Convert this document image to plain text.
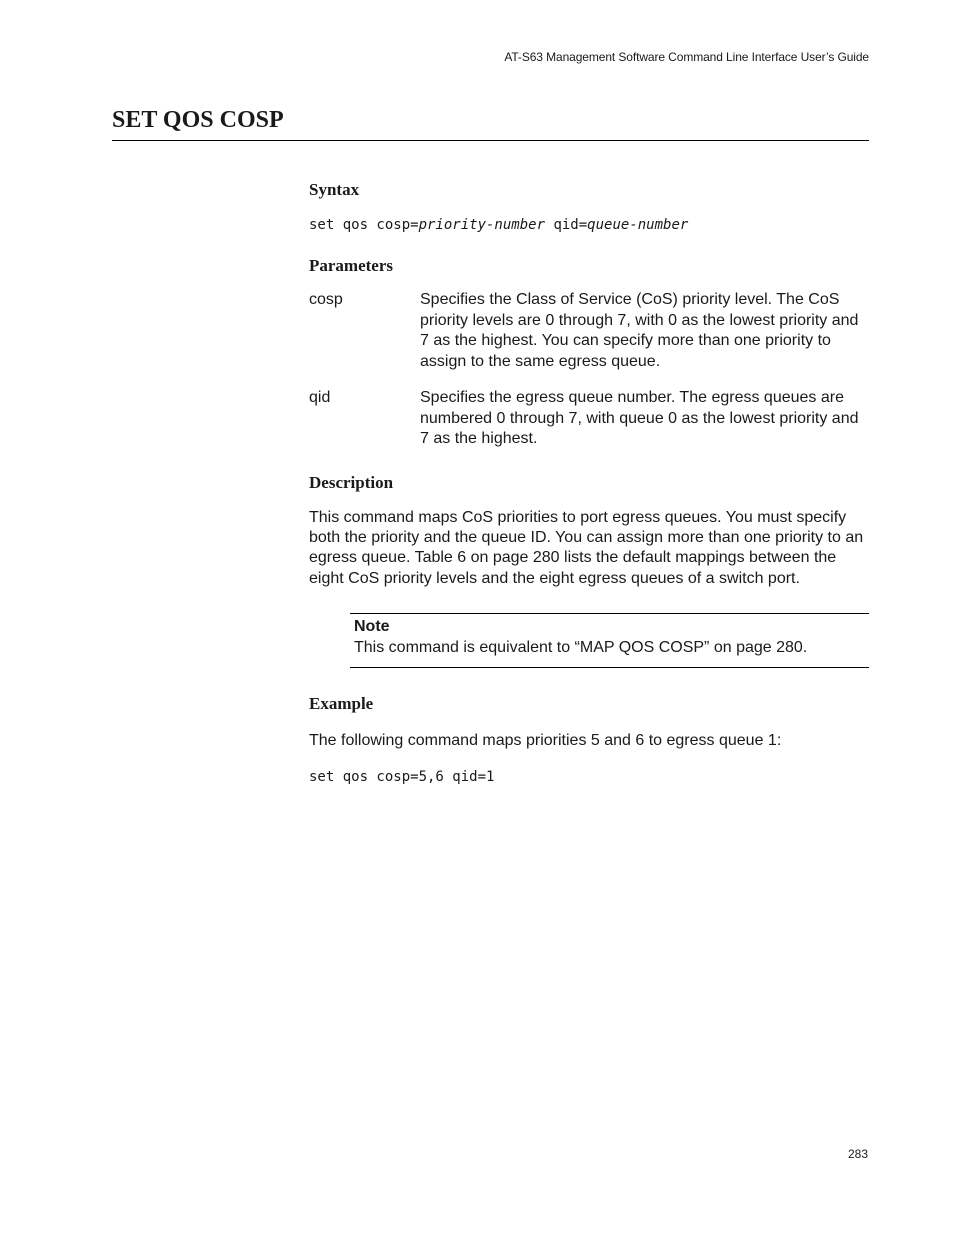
AT-S63 Management Software Command Line Interface User’s Guide
SET QOS COSP
Syntax
set qos cosp=priority-number qid=queue-number
Parameters
cosp	Specifies the Class of Service (CoS) priority level. The CoS priority levels are 0 through 7, with 0 as the lowest priority and 7 as the highest. You can specify more than one priority to assign to the same egress queue.
qid	Specifies the egress queue number. The egress queues are numbered 0 through 7, with queue 0 as the lowest priority and 7 as the highest.
Description

This command maps CoS priorities to port egress queues. You must specify both the priority and the queue ID. You can assign more than one priority to an egress queue. Table 6 on page 280 lists the default mappings between the eight CoS priority levels and the eight egress queues of a switch port.

Note
This command is equivalent to “MAP QOS COSP” on page 280.
Example

The following command maps priorities 5 and 6 to egress queue 1:

set qos cosp=5,6 qid=1
283
